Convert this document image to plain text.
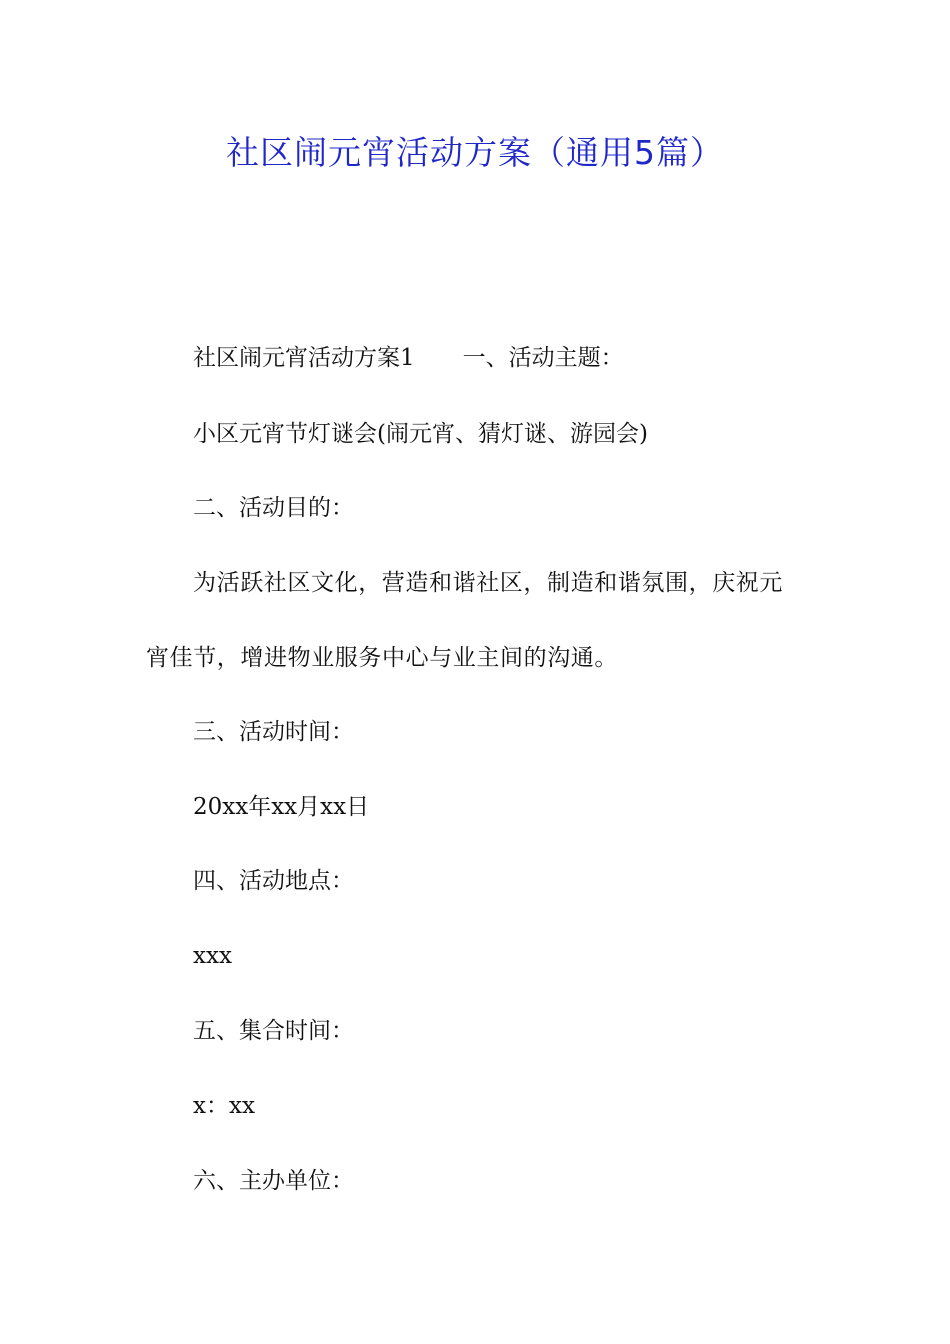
社区闹元宵活动方案（通用5篇）

社区闹元宵活动方案1 一、活动主题：

小区元宵节灯谜会(闹元宵、猜灯谜、游园会)

二、活动目的：

为活跃社区文化，营造和谐社区，制造和谐氛围，庆祝元

宵佳节，增进物业服务中心与业主间的沟通。

三、活动时间：

20xx年xx月xx日

四、活动地点：

xxx

五、集合时间：

x：xx

六、主办单位：
